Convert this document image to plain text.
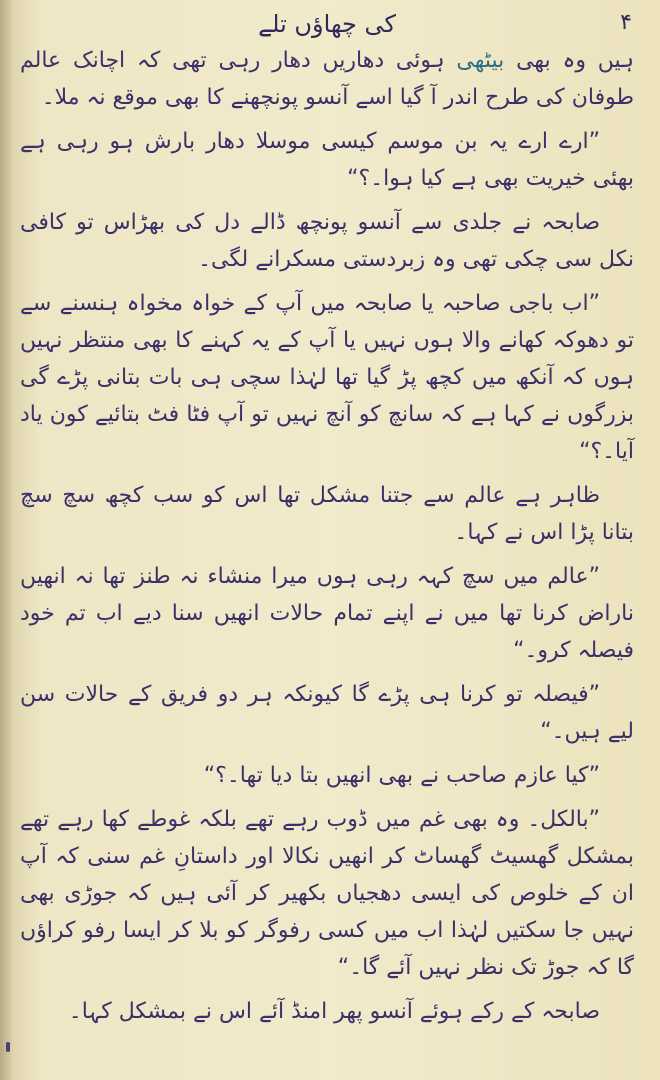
۴
کی چھاؤں تلے

ہیں وہ بھی بیٹھی ہوئی دھاریں دھار رہی تھی کہ اچانک عالم طوفان کی طرح اندر آ گیا اسے آنسو پونچھنے کا بھی موقع نہ ملا۔

”ارے ارے یہ بن موسم کیسی موسلا دھار بارش ہو رہی ہے بھئی خیریت بھی ہے کیا ہوا۔؟“

صابحہ نے جلدی سے آنسو پونچھ ڈالے دل کی بھڑاس تو کافی نکل سی چکی تھی وہ زبردستی مسکرانے لگی۔

”اب باجی صاحبہ یا صابحہ میں آپ کے خواہ مخواہ ہنسنے سے تو دھوکہ کھانے والا ہوں نہیں یا آپ کے یہ کہنے کا بھی منتظر نہیں ہوں کہ آنکھ میں کچھ پڑ گیا تھا لہٰذا سچی ہی بات بتانی پڑے گی بزرگوں نے کہا ہے کہ سانچ کو آنچ نہیں تو آپ فٹا فٹ بتائیے کون یاد آیا۔؟“

ظاہر ہے عالم سے جتنا مشکل تھا اس کو سب کچھ سچ سچ بتانا پڑا اس نے کہا۔

”عالم میں سچ کہہ رہی ہوں میرا منشاء نہ طنز تھا نہ انھیں ناراض کرنا تھا میں نے اپنے تمام حالات انھیں سنا دیے اب تم خود فیصلہ کرو۔“

”فیصلہ تو کرنا ہی پڑے گا کیونکہ ہر دو فریق کے حالات سن لیے ہیں۔“

”کیا عازم صاحب نے بھی انھیں بتا دیا تھا۔؟“

”بالکل۔ وہ بھی غم میں ڈوب رہے تھے بلکہ غوطے کھا رہے تھے بمشکل گھسیٹ گھساٹ کر انھیں نکالا اور داستانِ غم سنی کہ آپ ان کے خلوص کی ایسی دھجیاں بکھیر کر آئی ہیں کہ جوڑی بھی نہیں جا سکتیں لہٰذا اب میں کسی رفوگر کو بلا کر ایسا رفو کراؤں گا کہ جوڑ تک نظر نہیں آئے گا۔“

صابحہ کے رکے ہوئے آنسو پھر امنڈ آئے اس نے بمشکل کہا۔
